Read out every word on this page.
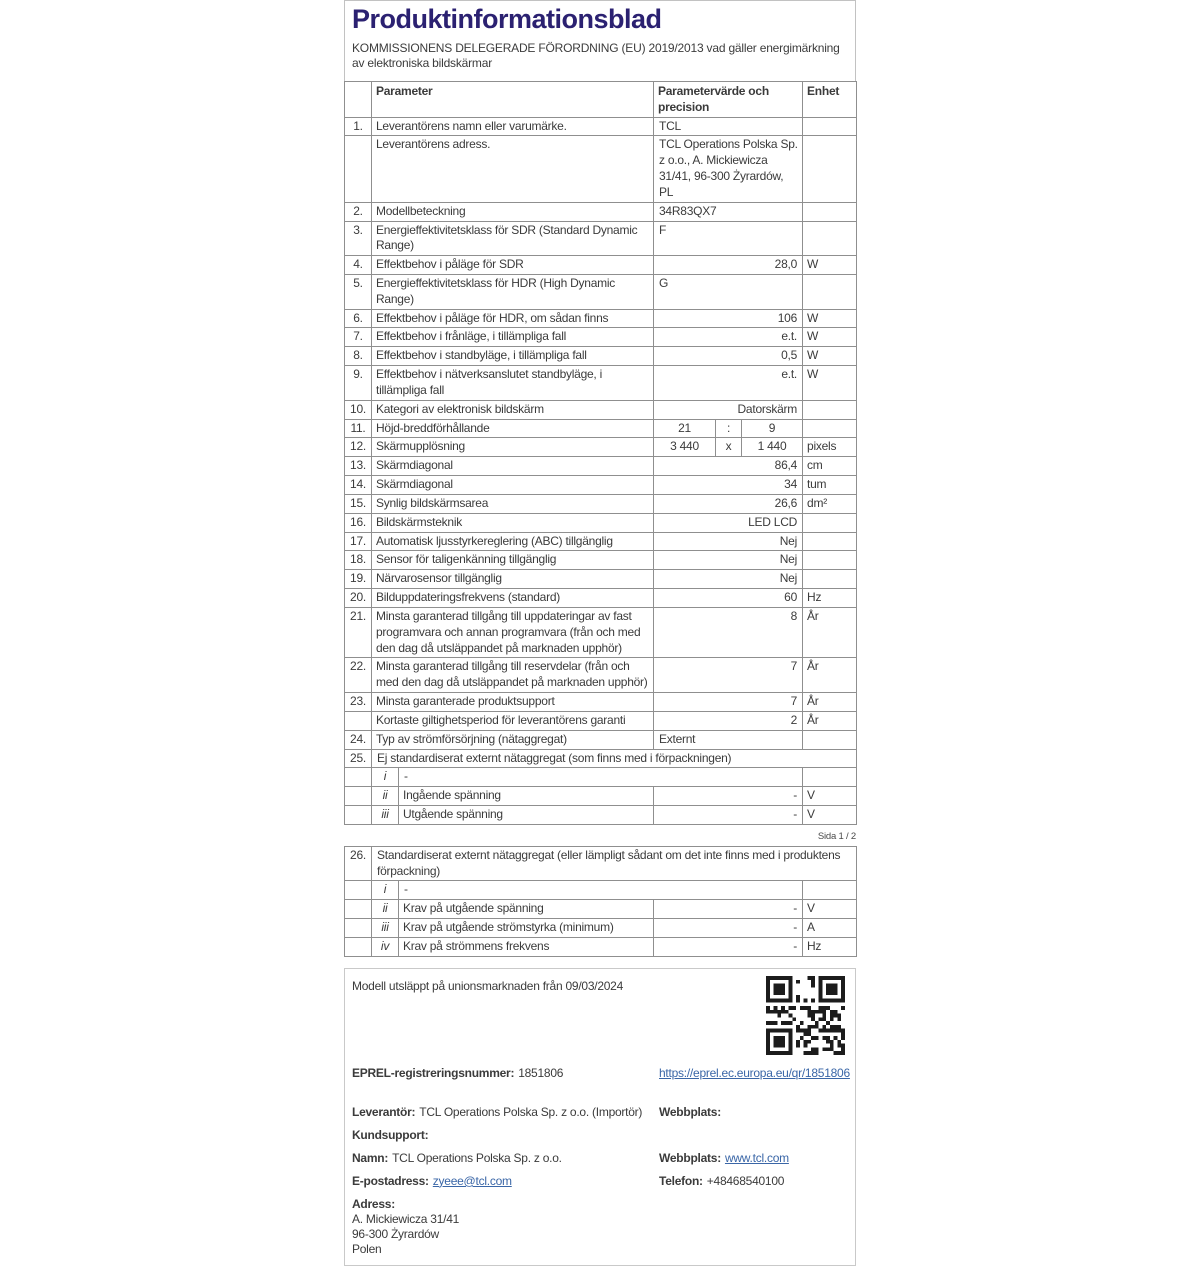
Produktinformationsblad

KOMMISSIONENS DELEGERADE FÖRORDNING (EU) 2019/2013 vad gäller energimärkning av elektroniska bildskärmar

	Parameter		Parametervärde och precision			Enhet
1.	Leverantörens namn eller varumärke.		TCL			
	Leverantörens adress.		TCL Operations Polska Sp. z o.o., A. Mickiewicza 31/41, 96-300 Żyrardów, PL			
2.	Modellbeteckning		34R83QX7			
3.	Energieffektivitetsklass för SDR (Standard Dynamic Range)		F			
4.	Effektbehov i påläge för SDR		28,0			W
5.	Energieffektivitetsklass för HDR (High Dynamic Range)		G			
6.	Effektbehov i påläge för HDR, om sådan finns		106			W
7.	Effektbehov i frånläge, i tillämpliga fall		e.t.			W
8.	Effektbehov i standbyläge, i tillämpliga fall		0,5			W
9.	Effektbehov i nätverksanslutet standbyläge, i tillämpliga fall		e.t.			W
10.	Kategori av elektronisk bildskärm		Datorskärm			
11.	Höjd-breddförhållande		21	:	9	
12.	Skärmupplösning		3 440	x	1 440	pixels
13.	Skärmdiagonal		86,4			cm
14.	Skärmdiagonal		34			tum
15.	Synlig bildskärmsarea		26,6			dm²
16.	Bildskärmsteknik		LED LCD			
17.	Automatisk ljusstyrkereglering (ABC) tillgänglig		Nej			
18.	Sensor för taligenkänning tillgänglig		Nej			
19.	Närvarosensor tillgänglig		Nej			
20.	Bilduppdateringsfrekvens (standard)		60			Hz
21.	Minsta garanterad tillgång till uppdateringar av fast programvara och annan programvara (från och med den dag då utsläppandet på marknaden upphör)		8			År
22.	Minsta garanterad tillgång till reservdelar (från och med den dag då utsläppandet på marknaden upphör)		7			År
23.	Minsta garanterade produktsupport		7			År
	Kortaste giltighetsperiod för leverantörens garanti		2			År
24.	Typ av strömförsörjning (nätaggregat)		Externt			
25.	Ej standardiserat externt nätaggregat (som finns med i förpackningen)					
	i	-				
	ii	Ingående spänning	-			V
	iii	Utgående spänning	-			V
Sida 1 / 2
26.	Standardiserat externt nätaggregat (eller lämpligt sådant om det inte finns med i produktens förpackning)			
	i	-		
	ii	Krav på utgående spänning	-	V
	iii	Krav på utgående strömstyrka (minimum)	-	A
	iv	Krav på strömmens frekvens	-	Hz
Modell utsläppt på unionsmarknaden från 09/03/2024
EPREL-registreringsnummer: 1851806	https://eprel.ec.europa.eu/qr/1851806
Leverantör: TCL Operations Polska Sp. z o.o. (Importör) Webbplats:
Kundsupport:
Namn: TCL Operations Polska Sp. z o.o.	Webbplats: www.tcl.com
E-postadress: zyeee@tcl.com	Telefon: +48468540100
Adress:
A. Mickiewicza 31/41
96-300 Żyrardów
Polen
